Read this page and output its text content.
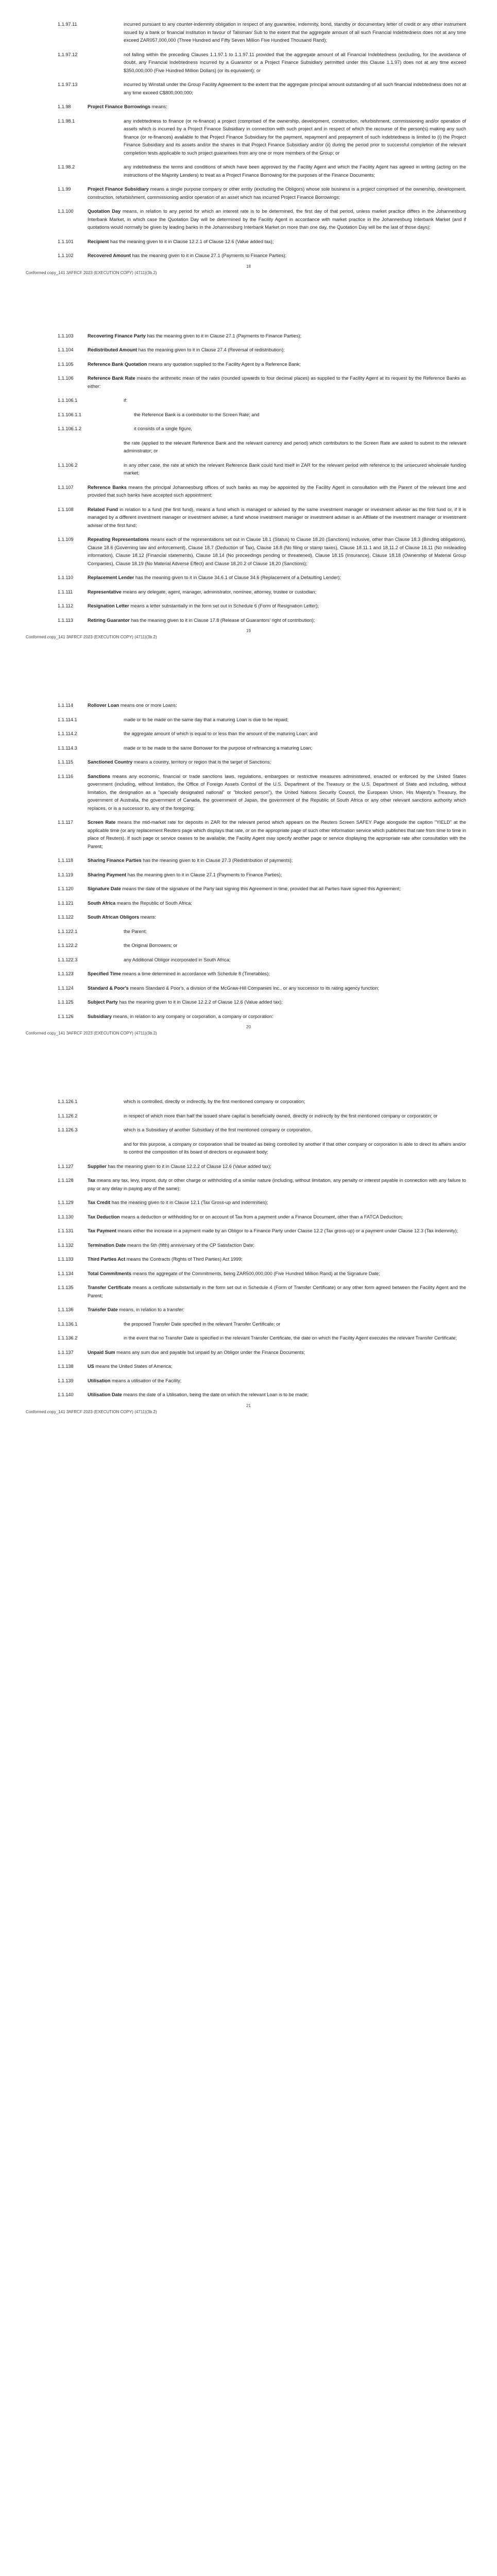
1.1.97.11	incurred pursuant to any counter-indemnity obligation in respect of any guarantee, indemnity, bond, standby or documentary letter of credit or any other instrument issued by a bank or financial institution in favour of Talisman/ Sub to the extent that the aggregate amount of all such Financial Indebtedness does not at any time exceed ZAR057,000,000 (Three Hundred and Fifty Seven Million Five Hundred Thousand Rand);
1.1.97.12	not falling within the preceding Clauses 1.1.97.1 to 1.1.97.11 provided that the aggregate amount of all Financial Indebtedness (excluding, for the avoidance of doubt, any Financial Indebtedness incurred by a Guarantor or a Project Finance Subsidiary permitted under this Clause 1.1.97) does not at any time exceed $350,000,000 (Five Hundred Million Dollars) (or its equivalent); or
1.1.97.13	incurred by Winstall under the Group Facility Agreement to the extent that the aggregate principal amount outstanding of all such financial indebtedness does not at any time exceed C$800,000,000;
1.1.98	Project Finance Borrowings means:
1.1.98.1	any indebtedness to finance (or re-finance) a project (comprised of the ownership, development, construction, refurbishment, commissioning and/or operation of assets which is incurred by a Project Finance Subsidiary in connection with such project and in respect of which the recourse of the person(s) making any such finance (or re-finances) available to that Project Finance Subsidiary for the payment, repayment and prepayment of such indebtedness is limited to (i) the Project Finance Subsidiary and its assets and/or the shares in that Project Finance Subsidiary and/or (ii) during the period prior to successful completion of the relevant completion tests applicable to such project guarantees from any one or more members of the Group; or
1.1.98.2	any indebtedness the terms and conditions of which have been approved by the Facility Agent and which the Facility Agent has agreed in writing (acting on the instructions of the Majority Lenders) to treat as a Project Finance Borrowing for the purposes of the Finance Documents;
1.1.99	Project Finance Subsidiary means a single purpose company or other entity (excluding the Obligors) whose sole business is a project comprised of the ownership, development, construction, refurbishment, commissioning and/or operation of an asset which has incurred Project Finance Borrowings;
1.1.100	Quotation Day means, in relation to any period for which an interest rate is to be determined, the first day of that period, unless market practice differs in the Johannesburg Interbank Market, in which case the Quotation Day will be determined by the Facility Agent in accordance with market practice in the Johannesburg Interbank Market (and if quotations would normally be given by leading banks in the Johannesburg Interbank Market on more than one day, the Quotation Day will be the last of those days);
1.1.101	Recipient has the meaning given to it in Clause 12.2.1 of Clause 12.6 (Value added tax);
1.1.102	Recovered Amount has the meaning given to it in Clause 27.1 (Payments to Finance Parties);
18
Conformed copy_141 3AFRCF 2023 (EXECUTION COPY) (4711)(3b.2)
1.1.103	Recovering Finance Party has the meaning given to it in Clause 27.1 (Payments to Finance Parties);
1.1.104	Redistributed Amount has the meaning given to it in Clause 27.4 (Reversal of redistribution);
1.1.105	Reference Bank Quotation means any quotation supplied to the Facility Agent by a Reference Bank;
1.1.106	Reference Bank Rate means the arithmetic mean of the rates (rounded upwards to four decimal places) as supplied to the Facility Agent at its request by the Reference Banks as either:
1.1.106.1	if:
1.1.106.1.1	the Reference Bank is a contributor to the Screen Rate; and
1.1.106.1.2	it consists of a single figure,
the rate (applied to the relevant Reference Bank and the relevant currency and period) which contributors to the Screen Rate are asked to submit to the relevant administrator; or
1.1.106.2	in any other case, the rate at which the relevant Reference Bank could fund itself in ZAR for the relevant period with reference to the unsecured wholesale funding market;
1.1.107	Reference Banks means the principal Johannesburg offices of such banks as may be appointed by the Facility Agent in consultation with the Parent of the relevant time and provided that such banks have accepted such appointment;
1.1.108	Related Fund in relation to a fund (the first fund), means a fund which is managed or advised by the same investment manager or investment adviser as the first fund or, if it is managed by a different investment manager or investment adviser, a fund whose investment manager or investment adviser is an Affiliate of the investment manager or investment adviser of the first fund;
1.1.109	Repeating Representations means each of the representations set out in Clause 18.1 (Status) to Clause 18.20 (Sanctions) inclusive, other than Clause 18.3 (Binding obligations), Clause 18.6 (Governing law and enforcement), Clause 18.7 (Deduction of Tax), Clause 18.8 (No filing or stamp taxes), Clause 18.11.1 and 18.11.2 of Clause 18.11 (No misleading information), Clause 18.12 (Financial statements), Clause 18.14 (No proceedings pending or threatened), Clause 18.15 (Insurance), Clause 18.18 (Ownership of Material Group Companies), Clause 18.19 (No Material Adverse Effect) and Clause 18.20.2 of Clause 18.20 (Sanctions);
1.1.110	Replacement Lender has the meaning given to it in Clause 34.6.1 of Clause 34.6 (Replacement of a Defaulting Lender);
1.1.111	Representative means any delegate, agent, manager, administrator, nominee, attorney, trustee or custodian;
1.1.112	Resignation Letter means a letter substantially in the form set out in Schedule 6 (Form of Resignation Letter);
1.1.113	Retiring Guarantor has the meaning given to it in Clause 17.8 (Release of Guarantors' right of contribution);
19
Conformed copy_141 3AFRCF 2023 (EXECUTION COPY) (4711)(3b.2)
1.1.114	Rollover Loan means one or more Loans:
1.1.114.1	made or to be made on the same day that a maturing Loan is due to be repaid;
1.1.114.2	the aggregate amount of which is equal to or less than the amount of the maturing Loan; and
1.1.114.3	made or to be made to the same Borrower for the purpose of refinancing a maturing Loan;
1.1.115	Sanctioned Country means a country, territory or region that is the target of Sanctions;
1.1.116	Sanctions means any economic, financial or trade sanctions laws, regulations, embargoes or restrictive measures administered, enacted or enforced by the United States government (including, without limitation, the Office of Foreign Assets Control of the U.S. Department of the Treasury or the U.S. Department of State and including, without limitation, the designation as a "specially designated national" or "blocked person"), the United Nations Security Council, the European Union, His Majesty's Treasury, the government of Australia, the government of Canada, the government of Japan, the government of the Republic of South Africa or any other relevant sanctions authority which replaces, or is a successor to, any of the foregoing;
1.1.117	Screen Rate means the mid-market rate for deposits in ZAR for the relevant period which appears on the Reuters Screen SAFEY Page alongside the caption "YIELD" at the applicable time (or any replacement Reuters page which displays that rate, or on the appropriate page of such other information service which publishes that rate from time to time in place of Reuters). If such page or service ceases to be available, the Facility Agent may specify another page or service displaying the appropriate rate after consultation with the Parent;
1.1.118	Sharing Finance Parties has the meaning given to it in Clause 27.3 (Redistribution of payments);
1.1.119	Sharing Payment has the meaning given to it in Clause 27.1 (Payments to Finance Parties);
1.1.120	Signature Date means the date of the signature of the Party last signing this Agreement in time, provided that all Parties have signed this Agreement;
1.1.121	South Africa means the Republic of South Africa;
1.1.122	South African Obligors means:
1.1.122.1	the Parent;
1.1.122.2	the Original Borrowers; or
1.1.122.3	any Additional Obligor incorporated in South Africa;
1.1.123	Specified Time means a time determined in accordance with Schedule 8 (Timetables);
1.1.124	Standard & Poor's means Standard & Poor's, a division of the McGraw-Hill Companies Inc., or any successor to its rating agency function;
1.1.125	Subject Party has the meaning given to it in Clause 12.2.2 of Clause 12.6 (Value added tax);
1.1.126	Subsidiary means, in relation to any company or corporation, a company or corporation:
20
Conformed copy_141 3AFRCF 2023 (EXECUTION COPY) (4711)(3b.2)
1.1.126.1	which is controlled, directly or indirectly, by the first mentioned company or corporation;
1.1.126.2	in respect of which more than half the issued share capital is beneficially owned, directly or indirectly by the first mentioned company or corporation; or
1.1.126.3	which is a Subsidiary of another Subsidiary of the first mentioned company or corporation,
and for this purpose, a company or corporation shall be treated as being controlled by another if that other company or corporation is able to direct its affairs and/or to control the composition of its board of directors or equivalent body;
1.1.127	Supplier has the meaning given to it in Clause 12.2.2 of Clause 12.6 (Value added tax);
1.1.128	Tax means any tax, levy, impost, duty or other charge or withholding of a similar nature (including, without limitation, any penalty or interest payable in connection with any failure to pay or any delay in paying any of the same);
1.1.129	Tax Credit has the meaning given to it in Clause 12.1 (Tax Gross-up and indemnities);
1.1.130	Tax Deduction means a deduction or withholding for or on account of Tax from a payment under a Finance Document, other than a FATCA Deduction;
1.1.131	Tax Payment means either the increase in a payment made by an Obligor to a Finance Party under Clause 12.2 (Tax gross-up) or a payment under Clause 12.3 (Tax indemnity);
1.1.132	Termination Date means the 5th (fifth) anniversary of the CP Satisfaction Date;
1.1.133	Third Parties Act means the Contracts (Rights of Third Parties) Act 1999;
1.1.134	Total Commitments means the aggregate of the Commitments, being ZAR500,000,000 (Five Hundred Million Rand) at the Signature Date;
1.1.135	Transfer Certificate means a certificate substantially in the form set out in Schedule 4 (Form of Transfer Certificate) or any other form agreed between the Facility Agent and the Parent;
1.1.136	Transfer Date means, in relation to a transfer:
1.1.136.1	the proposed Transfer Date specified in the relevant Transfer Certificate; or
1.1.136.2	in the event that no Transfer Date is specified in the relevant Transfer Certificate, the date on which the Facility Agent executes the relevant Transfer Certificate;
1.1.137	Unpaid Sum means any sum due and payable but unpaid by an Obligor under the Finance Documents;
1.1.138	US means the United States of America;
1.1.139	Utilisation means a utilisation of the Facility;
1.1.140	Utilisation Date means the date of a Utilisation, being the date on which the relevant Loan is to be made;
21
Conformed copy_141 3AFRCF 2023 (EXECUTION COPY) (4711)(3b.2)
